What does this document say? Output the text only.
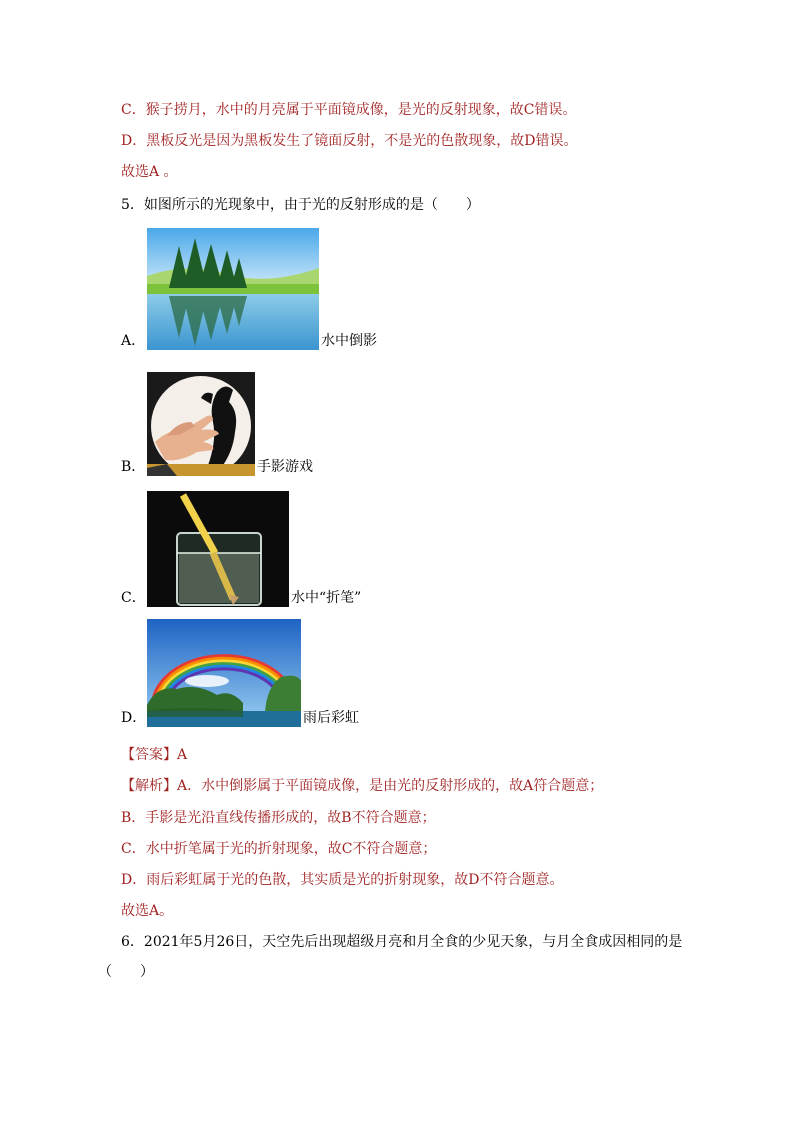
C．猴子捞月，水中的月亮属于平面镜成像，是光的反射现象，故C错误。
D．黑板反光是因为黑板发生了镜面反射，不是光的色散现象，故D错误。
故选A 。
5．如图所示的光现象中，由于光的反射形成的是（　　）
A．	水中倒影
B．	手影游戏
C．	水中“折笔”
D．	雨后彩虹
【答案】A
【解析】A．水中倒影属于平面镜成像，是由光的反射形成的，故A符合题意；
B．手影是光沿直线传播形成的，故B不符合题意；
C．水中折笔属于光的折射现象，故C不符合题意；
D．雨后彩虹属于光的色散，其实质是光的折射现象，故D不符合题意。
故选A。
6．2021年5月26日，天空先后出现超级月亮和月全食的少见天象，与月全食成因相同的是
（　　）
